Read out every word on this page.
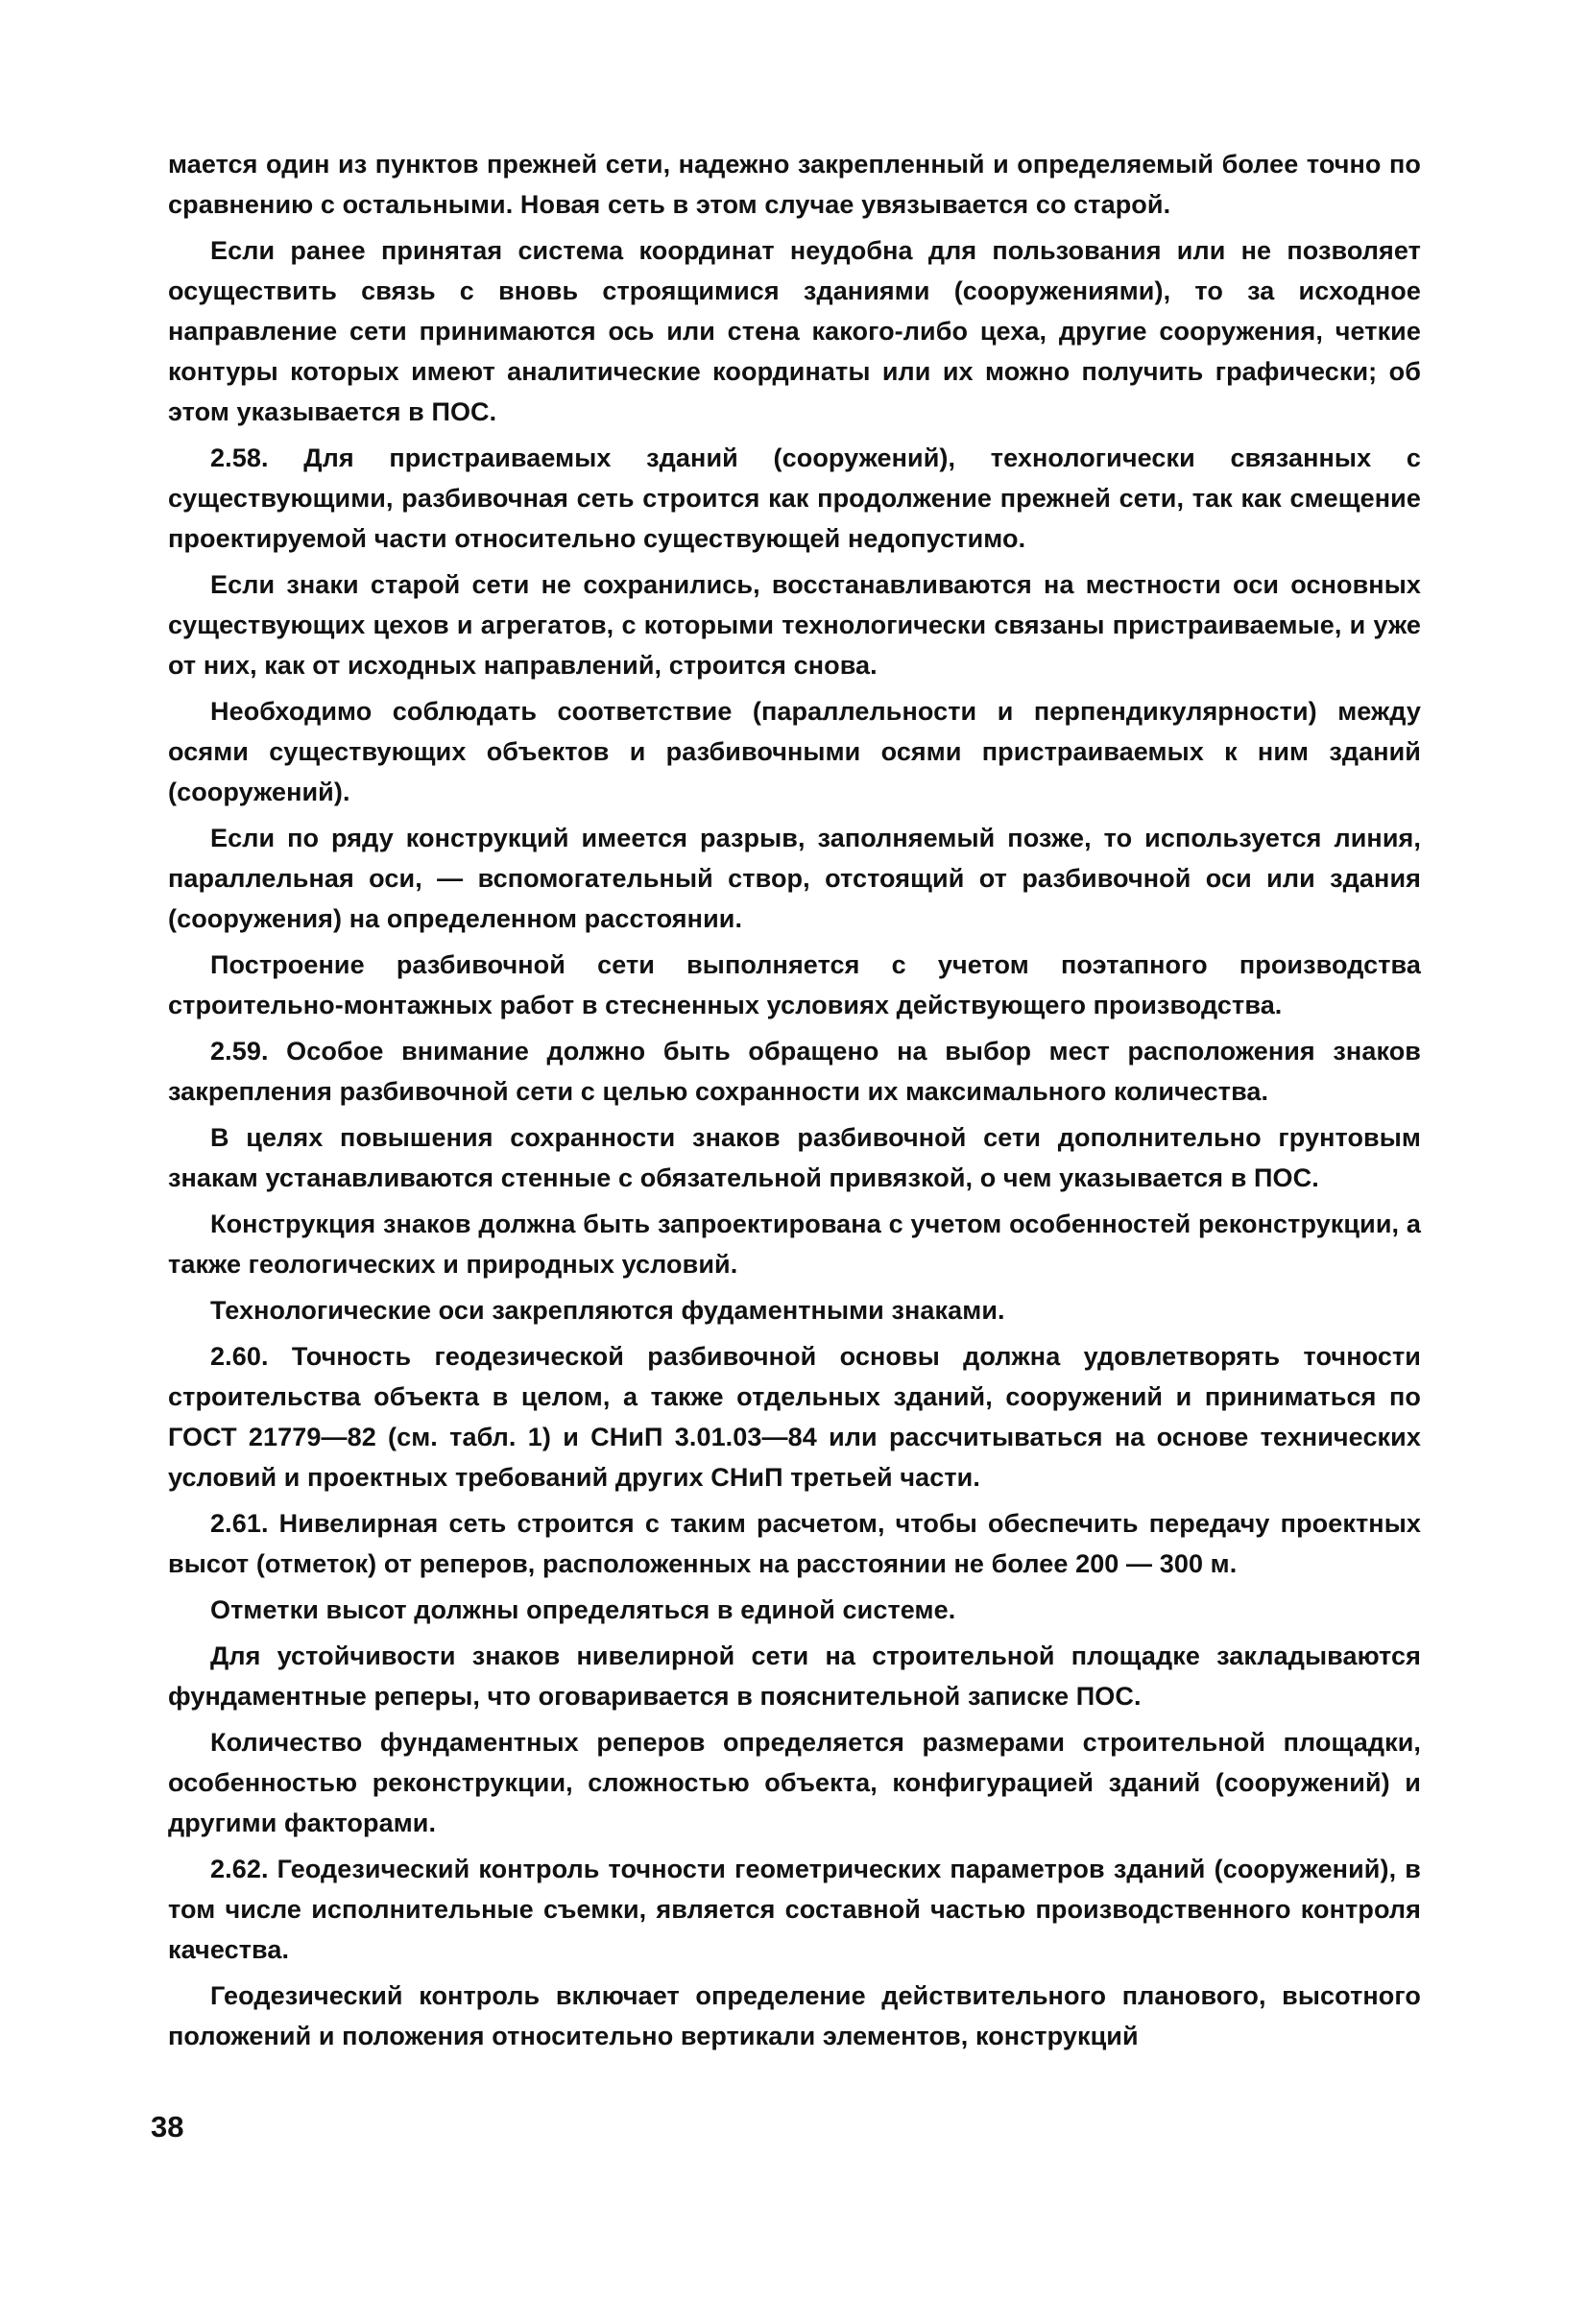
мается один из пунктов прежней сети, надежно закрепленный и определяемый более точно по сравнению с остальными. Новая сеть в этом случае увязывается со старой.

Если ранее принятая система координат неудобна для пользования или не позволяет осуществить связь с вновь строящимися зданиями (сооружениями), то за исходное направление сети принимаются ось или стена какого-либо цеха, другие сооружения, четкие контуры которых имеют аналитические координаты или их можно получить графически; об этом указывается в ПОС.

2.58. Для пристраиваемых зданий (сооружений), технологически связанных с существующими, разбивочная сеть строится как продолжение прежней сети, так как смещение проектируемой части относительно существующей недопустимо.

Если знаки старой сети не сохранились, восстанавливаются на местности оси основных существующих цехов и агрегатов, с которыми технологически связаны пристраиваемые, и уже от них, как от исходных направлений, строится снова.

Необходимо соблюдать соответствие (параллельности и перпендикулярности) между осями существующих объектов и разбивочными осями пристраиваемых к ним зданий (сооружений).

Если по ряду конструкций имеется разрыв, заполняемый позже, то используется линия, параллельная оси, — вспомогательный створ, отстоящий от разбивочной оси или здания (сооружения) на определенном расстоянии.

Построение разбивочной сети выполняется с учетом поэтапного производства строительно-монтажных работ в стесненных условиях действующего производства.

2.59. Особое внимание должно быть обращено на выбор мест расположения знаков закрепления разбивочной сети с целью сохранности их максимального количества.

В целях повышения сохранности знаков разбивочной сети дополнительно грунтовым знакам устанавливаются стенные с обязательной привязкой, о чем указывается в ПОС.

Конструкция знаков должна быть запроектирована с учетом особенностей реконструкции, а также геологических и природных условий.

Технологические оси закрепляются фудаментными знаками.

2.60. Точность геодезической разбивочной основы должна удовлетворять точности строительства объекта в целом, а также отдельных зданий, сооружений и приниматься по ГОСТ 21779—82 (см. табл. 1) и СНиП 3.01.03—84 или рассчитываться на основе технических условий и проектных требований других СНиП третьей части.

2.61. Нивелирная сеть строится с таким расчетом, чтобы обеспечить передачу проектных высот (отметок) от реперов, расположенных на расстоянии не более 200 — 300 м.

Отметки высот должны определяться в единой системе.

Для устойчивости знаков нивелирной сети на строительной площадке закладываются фундаментные реперы, что оговаривается в пояснительной записке ПОС.

Количество фундаментных реперов определяется размерами строительной площадки, особенностью реконструкции, сложностью объекта, конфигурацией зданий (сооружений) и другими факторами.

2.62. Геодезический контроль точности геометрических параметров зданий (сооружений), в том числе исполнительные съемки, является составной частью производственного контроля качества.

Геодезический контроль включает определение действительного планового, высотного положений и положения относительно вертикали элементов, конструкций

38
